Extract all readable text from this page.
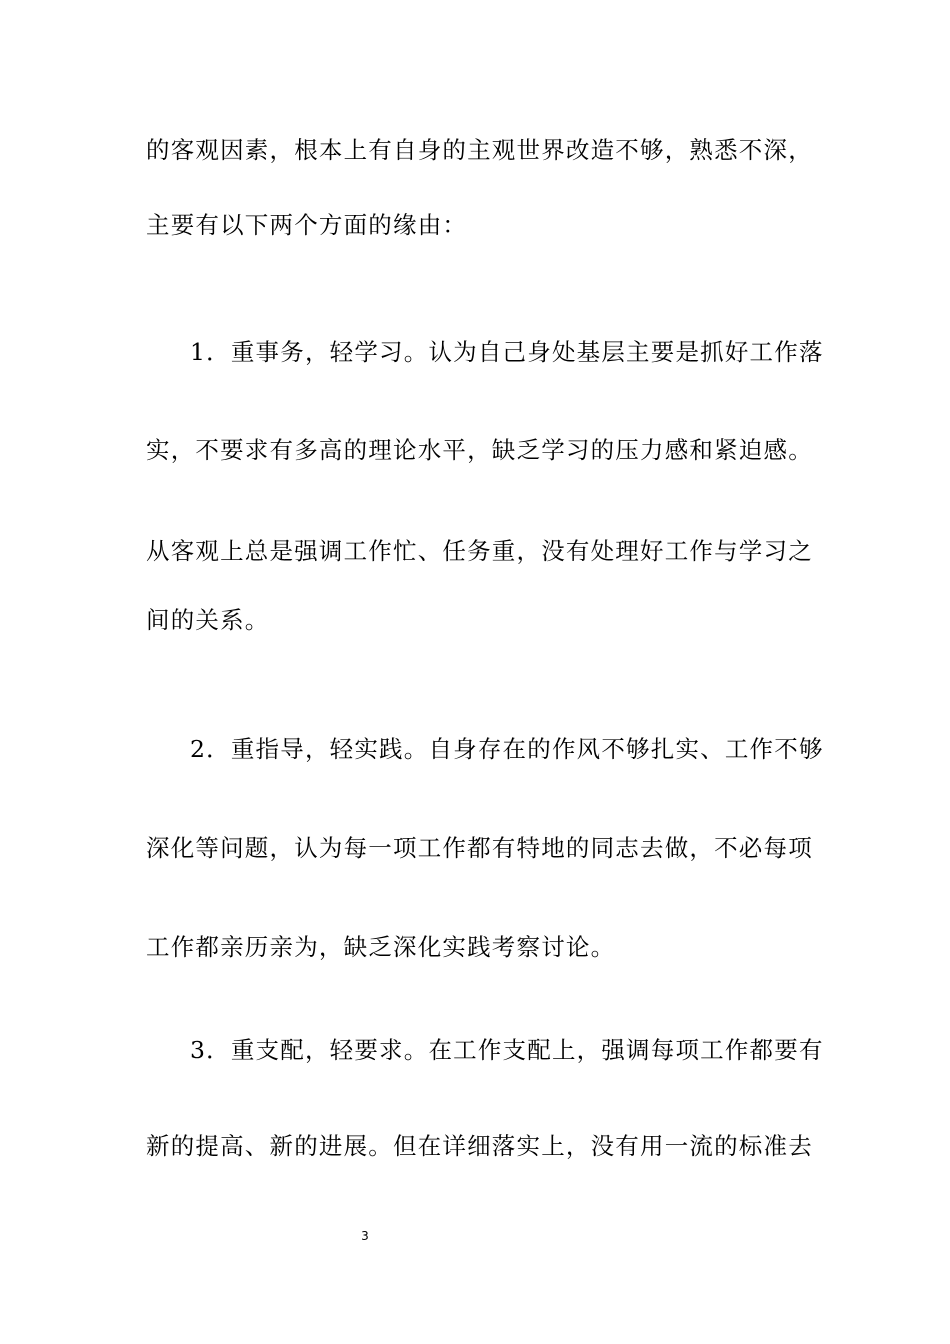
的客观因素，根本上有自身的主观世界改造不够，熟悉不深，
主要有以下两个方面的缘由：
1．重事务，轻学习。认为自己身处基层主要是抓好工作落
实，不要求有多高的理论水平，缺乏学习的压力感和紧迫感。
从客观上总是强调工作忙、任务重，没有处理好工作与学习之
间的关系。
2．重指导，轻实践。自身存在的作风不够扎实、工作不够
深化等问题，认为每一项工作都有特地的同志去做，不必每项
工作都亲历亲为，缺乏深化实践考察讨论。
3．重支配，轻要求。在工作支配上，强调每项工作都要有
新的提高、新的进展。但在详细落实上，没有用一流的标准去
3
